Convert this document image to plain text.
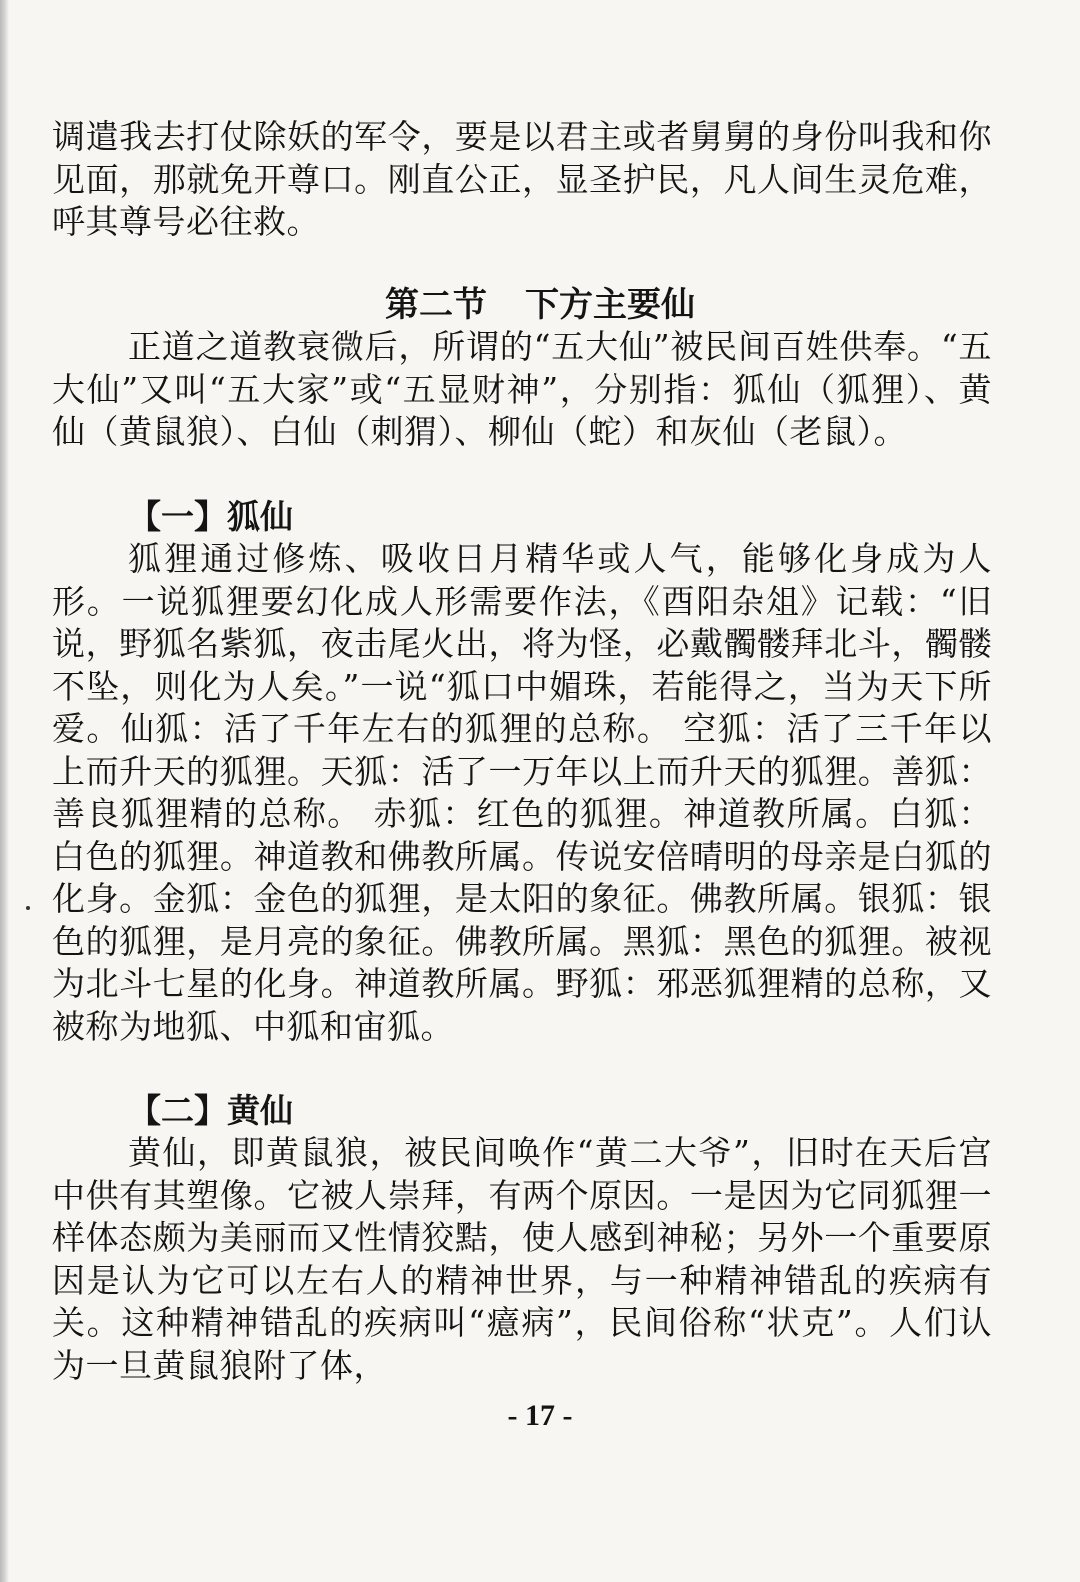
调遣我去打仗除妖的军令，要是以君主或者舅舅的身份叫我和你见面，那就免开尊口。刚直公正，显圣护民，凡人间生灵危难，呼其尊号必往救。
第二节 下方主要仙
正道之道教衰微后，所谓的“五大仙”被民间百姓供奉。“五大仙”又叫“五大家”或“五显财神”，分别指：狐仙（狐狸）、黄仙（黄鼠狼）、白仙（刺猬）、柳仙（蛇）和灰仙（老鼠）。
【一】狐仙
狐狸通过修炼、吸收日月精华或人气，能够化身成为人形。一说狐狸要幻化成人形需要作法，《酉阳杂俎》记载：“旧说，野狐名紫狐，夜击尾火出，将为怪，必戴髑髅拜北斗，髑髅不坠，则化为人矣。”一说“狐口中媚珠，若能得之，当为天下所爱。仙狐：活了千年左右的狐狸的总称。 空狐：活了三千年以上而升天的狐狸。天狐：活了一万年以上而升天的狐狸。善狐：善良狐狸精的总称。 赤狐：红色的狐狸。神道教所属。白狐：白色的狐狸。神道教和佛教所属。传说安倍晴明的母亲是白狐的化身。金狐：金色的狐狸，是太阳的象征。佛教所属。银狐：银色的狐狸，是月亮的象征。佛教所属。黑狐：黑色的狐狸。被视为北斗七星的化身。神道教所属。野狐：邪恶狐狸精的总称，又被称为地狐、中狐和宙狐。
【二】黄仙
黄仙，即黄鼠狼，被民间唤作“黄二大爷”，旧时在天后宫中供有其塑像。它被人崇拜，有两个原因。一是因为它同狐狸一样体态颇为美丽而又性情狡黠，使人感到神秘；另外一个重要原因是认为它可以左右人的精神世界，与一种精神错乱的疾病有关。这种精神错乱的疾病叫“癔病”，民间俗称“状克”。人们认为一旦黄鼠狼附了体，
- 17 -
